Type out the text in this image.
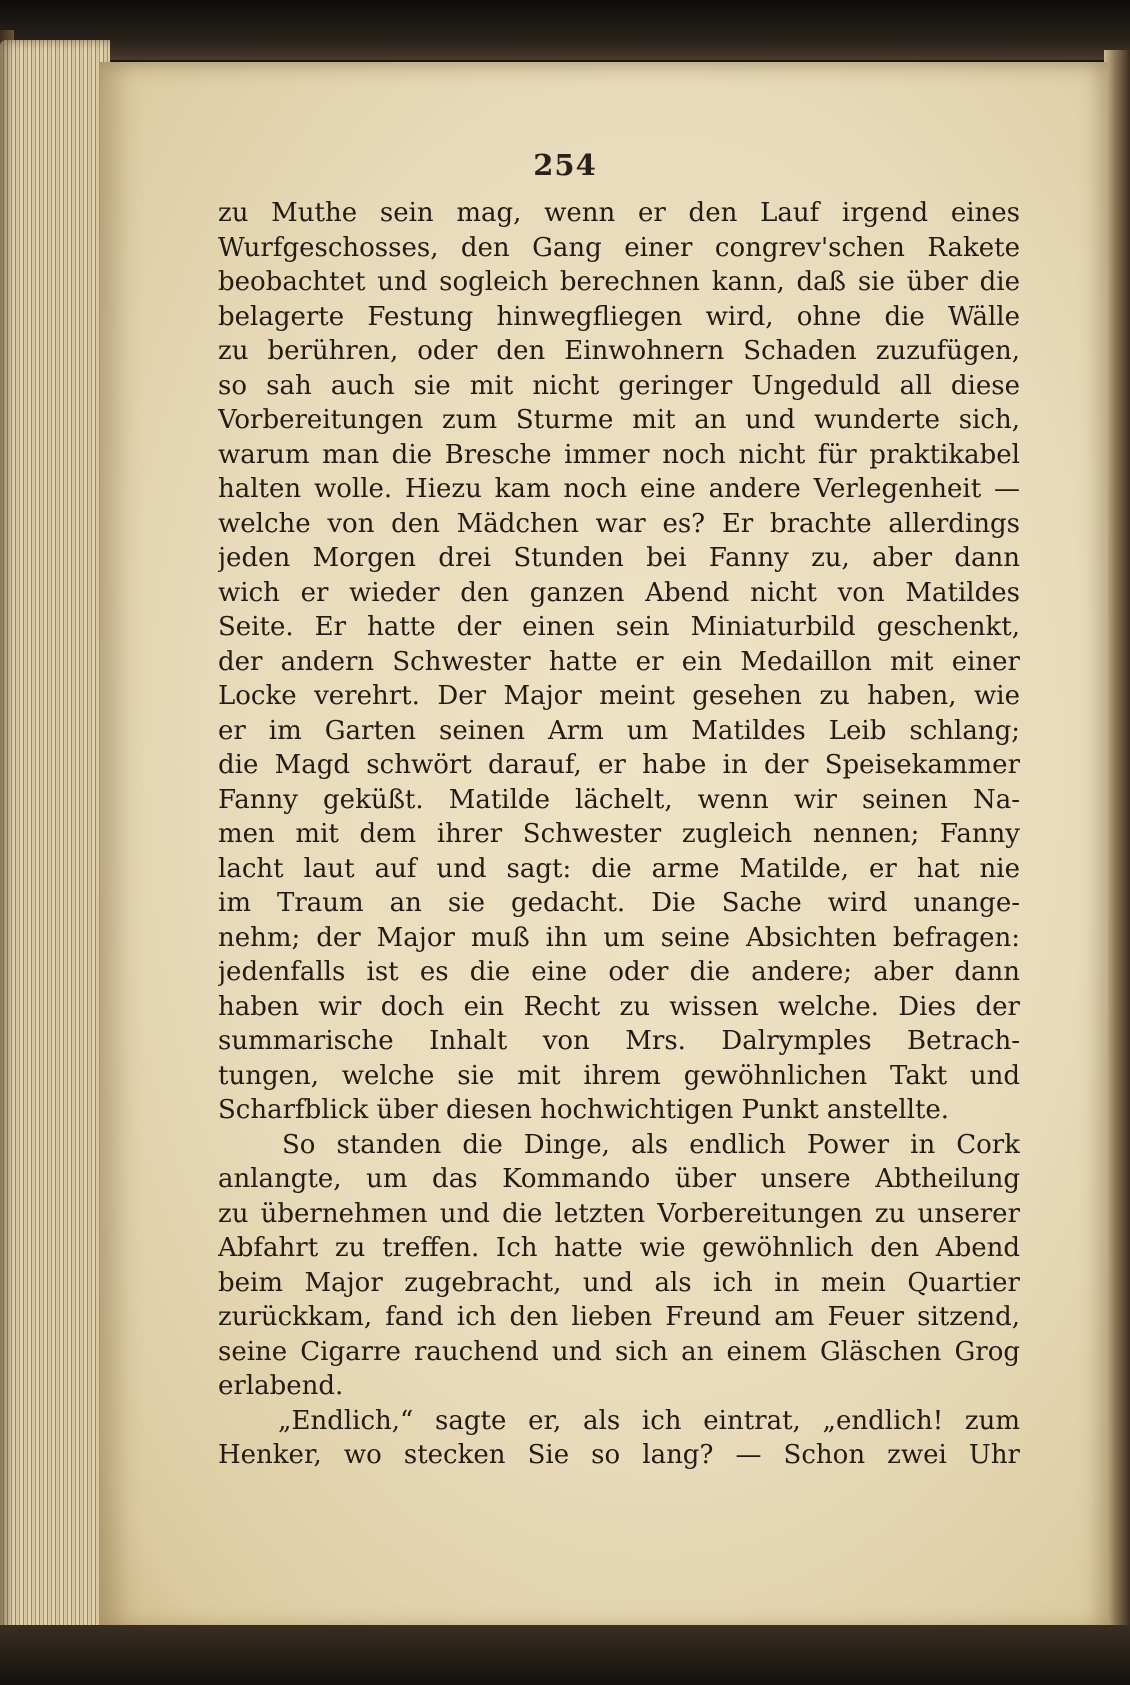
254
zu Muthe sein mag, wenn er den Lauf irgend eines
Wurfgeschosses, den Gang einer congrev'schen Rakete
beobachtet und sogleich berechnen kann, daß sie über die
belagerte Festung hinwegfliegen wird, ohne die Wälle
zu berühren, oder den Einwohnern Schaden zuzufügen,
so sah auch sie mit nicht geringer Ungeduld all diese
Vorbereitungen zum Sturme mit an und wunderte sich,
warum man die Bresche immer noch nicht für praktikabel
halten wolle. Hiezu kam noch eine andere Verlegenheit —
welche von den Mädchen war es? Er brachte allerdings
jeden Morgen drei Stunden bei Fanny zu, aber dann
wich er wieder den ganzen Abend nicht von Matildes
Seite. Er hatte der einen sein Miniaturbild geschenkt,
der andern Schwester hatte er ein Medaillon mit einer
Locke verehrt. Der Major meint gesehen zu haben, wie
er im Garten seinen Arm um Matildes Leib schlang;
die Magd schwört darauf, er habe in der Speisekammer
Fanny geküßt. Matilde lächelt, wenn wir seinen Na-
men mit dem ihrer Schwester zugleich nennen; Fanny
lacht laut auf und sagt: die arme Matilde, er hat nie
im Traum an sie gedacht. Die Sache wird unange-
nehm; der Major muß ihn um seine Absichten befragen:
jedenfalls ist es die eine oder die andere; aber dann
haben wir doch ein Recht zu wissen welche. Dies der
summarische Inhalt von Mrs. Dalrymples Betrach-
tungen, welche sie mit ihrem gewöhnlichen Takt und
Scharfblick über diesen hochwichtigen Punkt anstellte.
So standen die Dinge, als endlich Power in Cork
anlangte, um das Kommando über unsere Abtheilung
zu übernehmen und die letzten Vorbereitungen zu unserer
Abfahrt zu treffen. Ich hatte wie gewöhnlich den Abend
beim Major zugebracht, und als ich in mein Quartier
zurückkam, fand ich den lieben Freund am Feuer sitzend,
seine Cigarre rauchend und sich an einem Gläschen Grog
erlabend.
„Endlich,“ sagte er, als ich eintrat, „endlich! zum
Henker, wo stecken Sie so lang? — Schon zwei Uhr
